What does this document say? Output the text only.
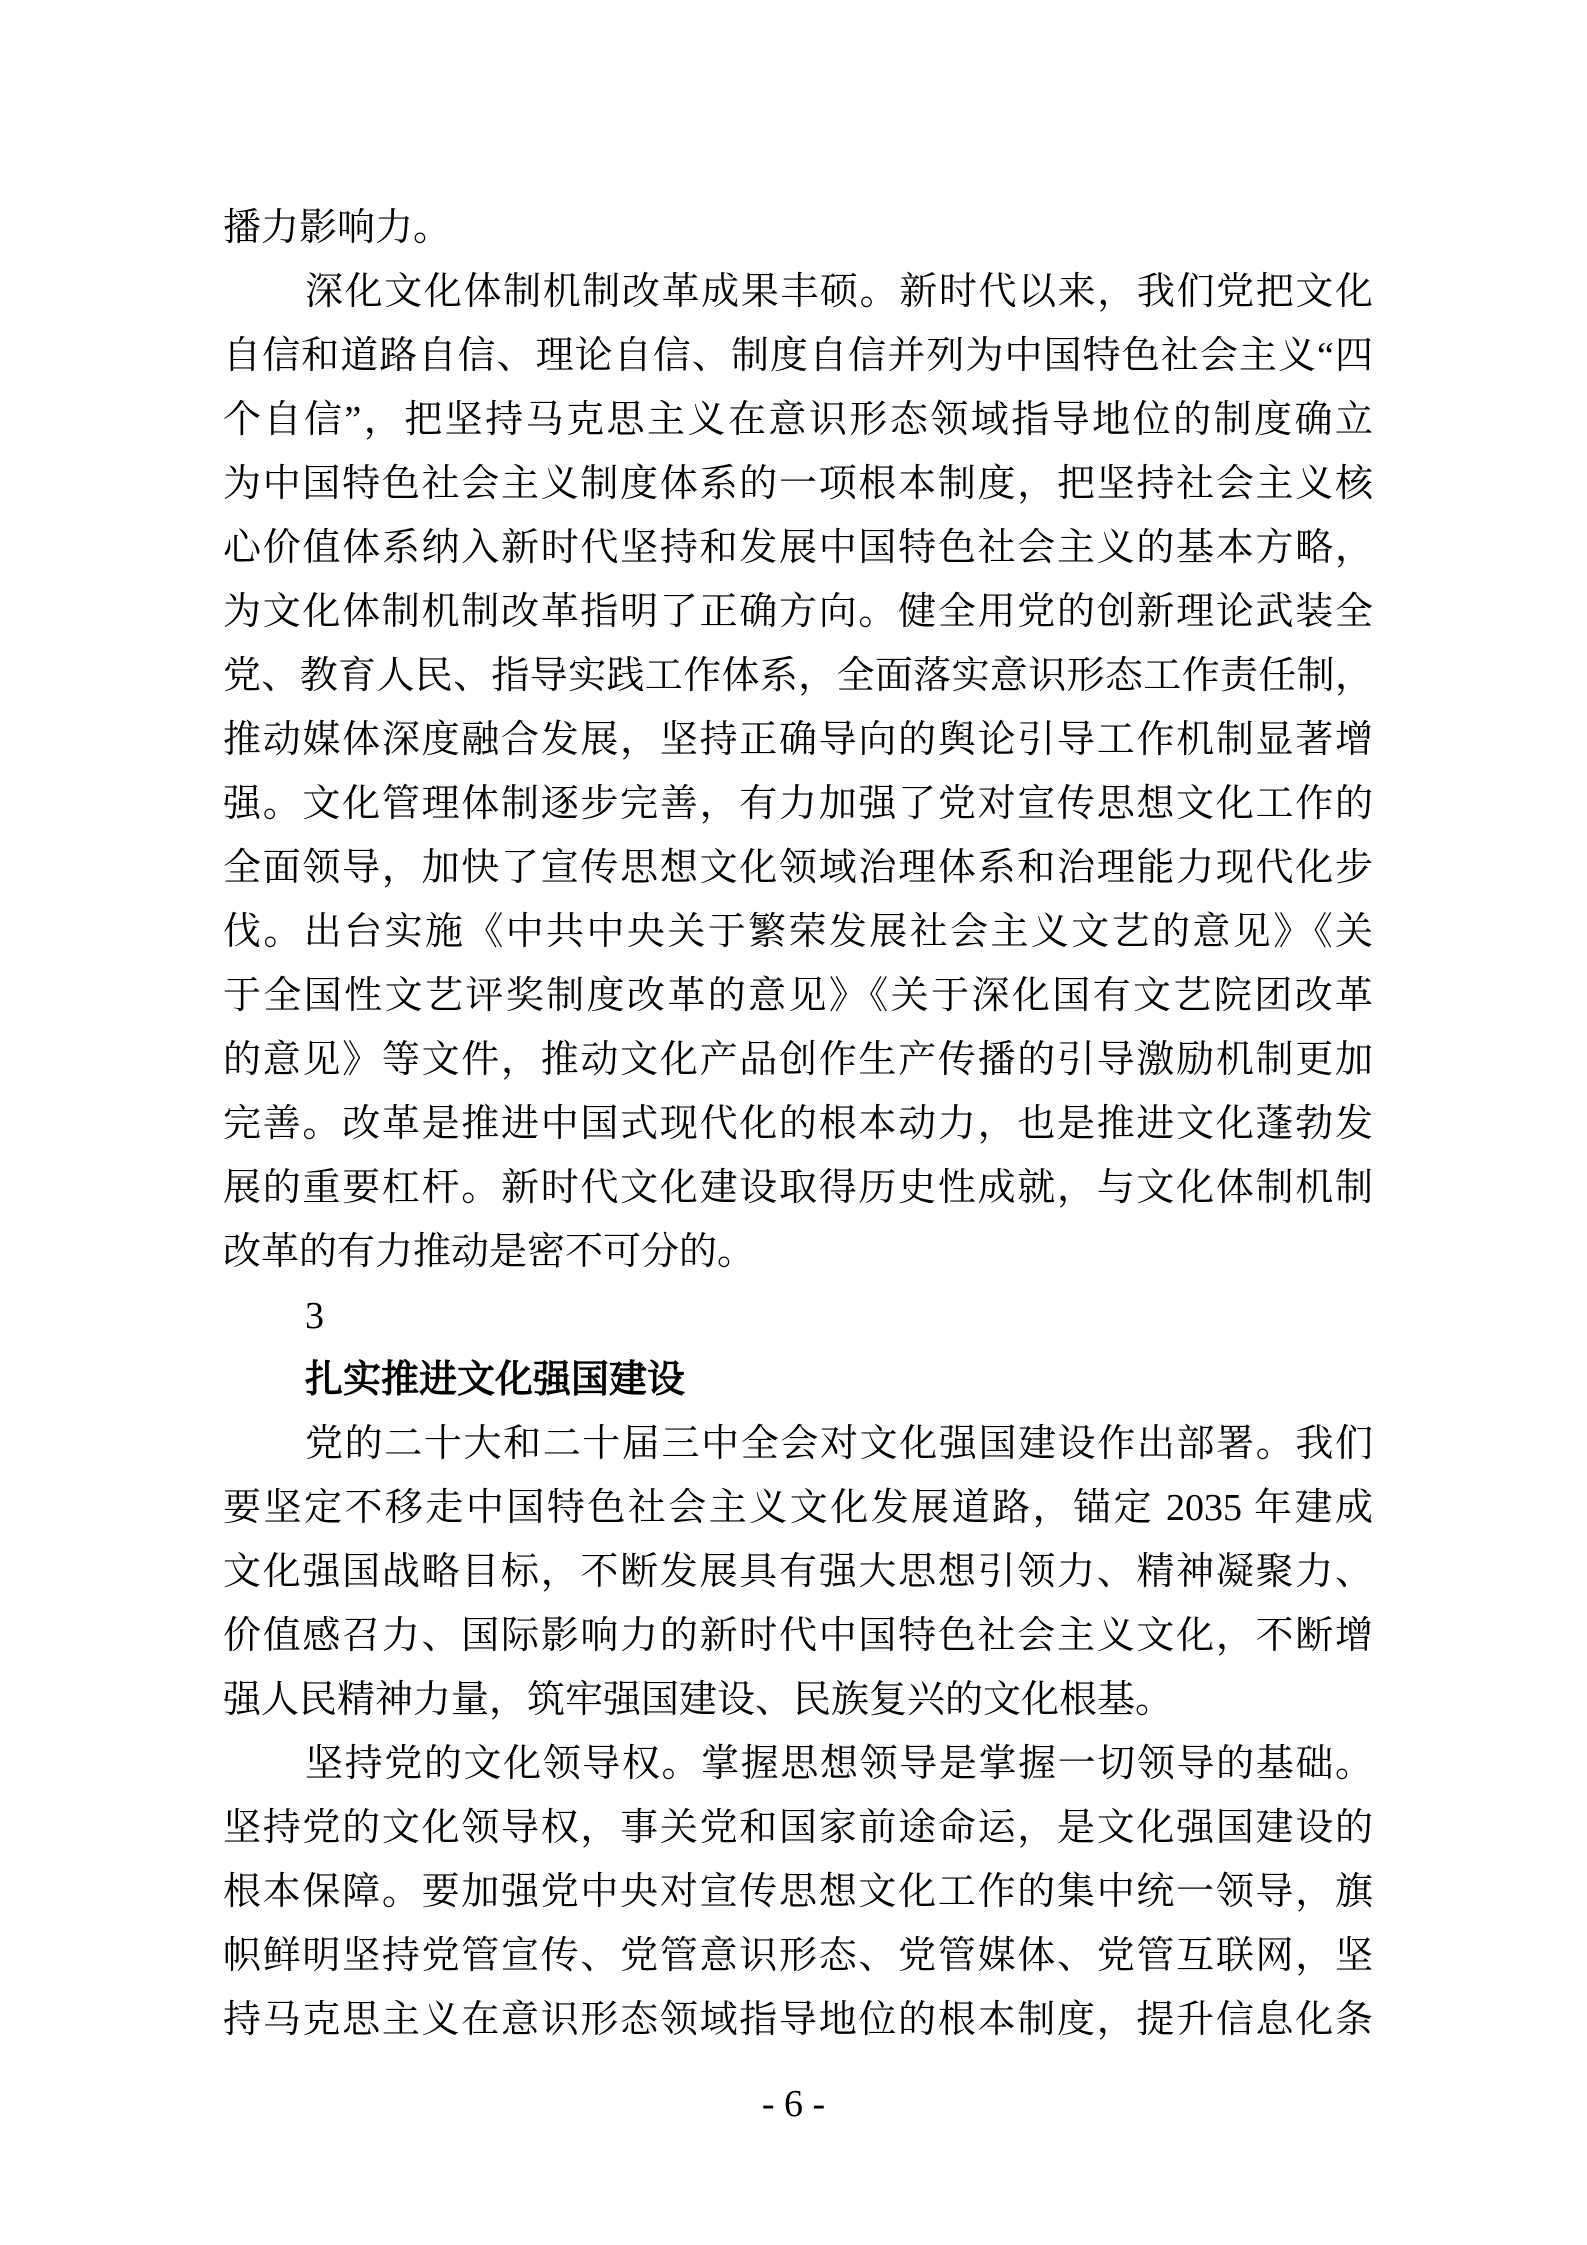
播力影响力。
深化文化体制机制改革成果丰硕。新时代以来，我们党把文化
自信和道路自信、理论自信、制度自信并列为中国特色社会主义“四
个自信”，把坚持马克思主义在意识形态领域指导地位的制度确立
为中国特色社会主义制度体系的一项根本制度，把坚持社会主义核
心价值体系纳入新时代坚持和发展中国特色社会主义的基本方略，
为文化体制机制改革指明了正确方向。健全用党的创新理论武装全
党、教育人民、指导实践工作体系，全面落实意识形态工作责任制，
推动媒体深度融合发展，坚持正确导向的舆论引导工作机制显著增
强。文化管理体制逐步完善，有力加强了党对宣传思想文化工作的
全面领导，加快了宣传思想文化领域治理体系和治理能力现代化步
伐。出台实施《中共中央关于繁荣发展社会主义文艺的意见》《关
于全国性文艺评奖制度改革的意见》《关于深化国有文艺院团改革
的意见》等文件，推动文化产品创作生产传播的引导激励机制更加
完善。改革是推进中国式现代化的根本动力，也是推进文化蓬勃发
展的重要杠杆。新时代文化建设取得历史性成就，与文化体制机制
改革的有力推动是密不可分的。
3
扎实推进文化强国建设
党的二十大和二十届三中全会对文化强国建设作出部署。我们
要坚定不移走中国特色社会主义文化发展道路，锚定 2035 年建成
文化强国战略目标，不断发展具有强大思想引领力、精神凝聚力、
价值感召力、国际影响力的新时代中国特色社会主义文化，不断增
强人民精神力量，筑牢强国建设、民族复兴的文化根基。
坚持党的文化领导权。掌握思想领导是掌握一切领导的基础。
坚持党的文化领导权，事关党和国家前途命运，是文化强国建设的
根本保障。要加强党中央对宣传思想文化工作的集中统一领导，旗
帜鲜明坚持党管宣传、党管意识形态、党管媒体、党管互联网，坚
持马克思主义在意识形态领域指导地位的根本制度，提升信息化条
- 6 -
